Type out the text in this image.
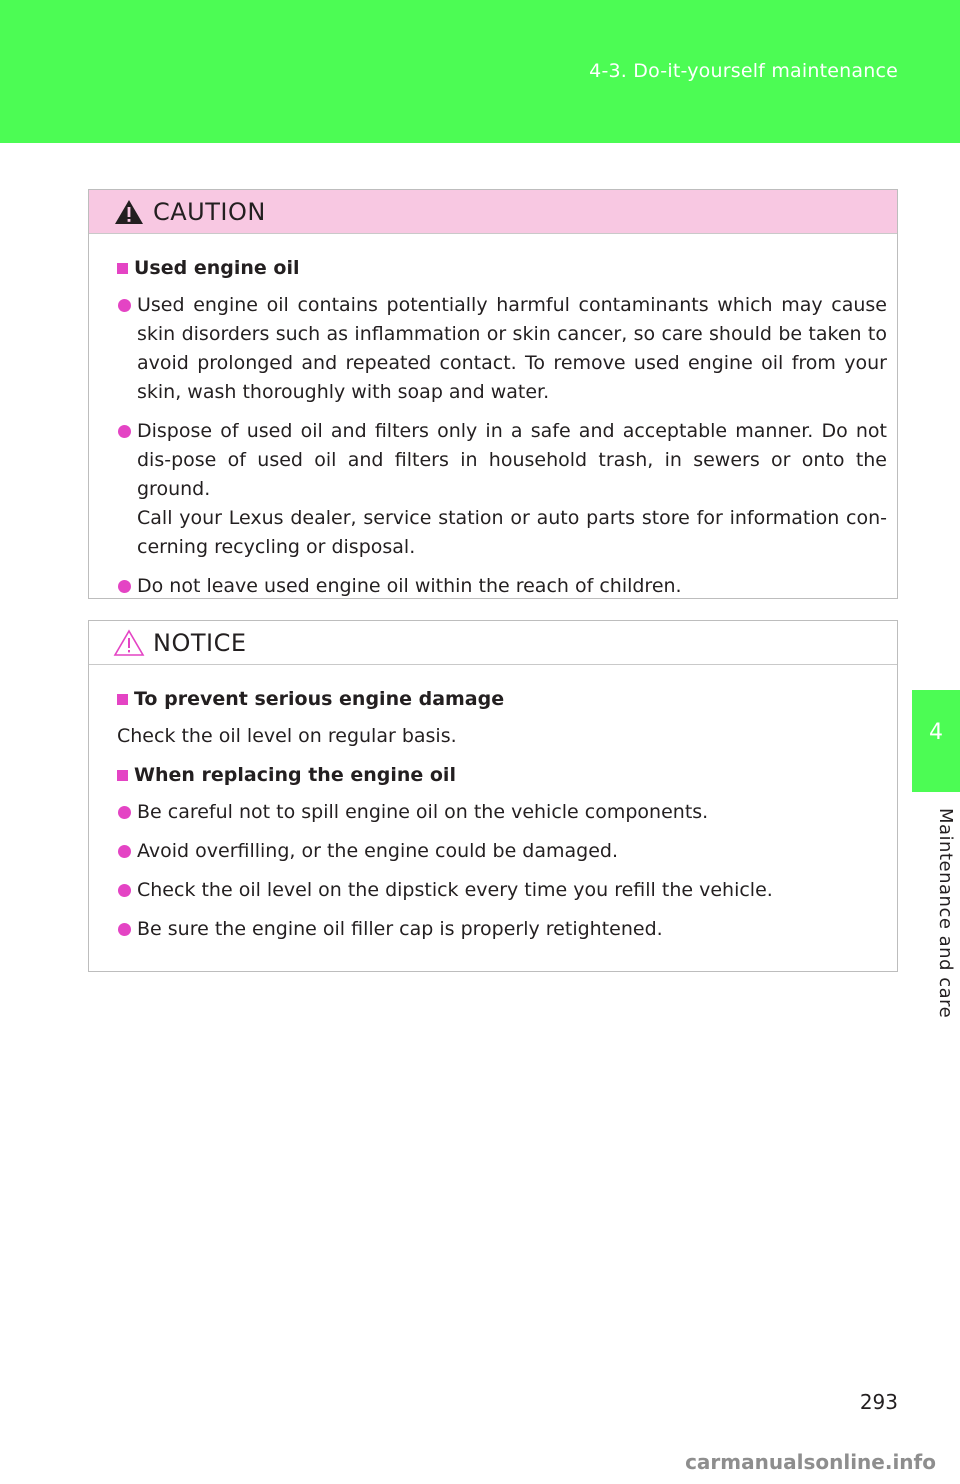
4-3. Do-it-yourself maintenance
4
Maintenance and care
CAUTION
Used engine oil
Used engine oil contains potentially harmful contaminants which may cause skin disorders such as inflammation or skin cancer, so care should be taken to avoid prolonged and repeated contact. To remove used engine oil from your skin, wash thoroughly with soap and water.
Dispose of used oil and filters only in a safe and acceptable manner. Do not dis-pose of used oil and filters in household trash, in sewers or onto the ground.
Call your Lexus dealer, service station or auto parts store for information con-cerning recycling or disposal.
Do not leave used engine oil within the reach of children.
NOTICE
To prevent serious engine damage
Check the oil level on regular basis.
When replacing the engine oil
Be careful not to spill engine oil on the vehicle components.
Avoid overfilling, or the engine could be damaged.
Check the oil level on the dipstick every time you refill the vehicle.
Be sure the engine oil filler cap is properly retightened.
293
carmanualsonline.info
